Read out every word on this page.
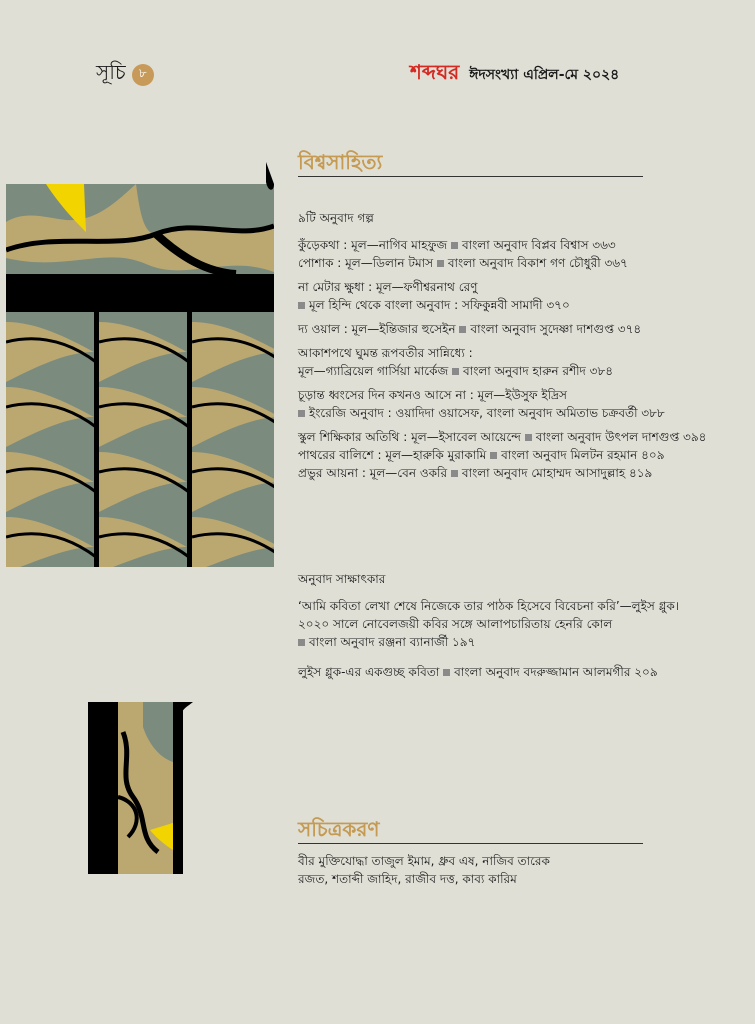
সূচি	৮	শব্দঘর ঈদসংখ্যা এপ্রিল-মে ২০২৪
বিশ্বসাহিত্য
৯টি অনুবাদ গল্প
কুঁড়েকথা : মূল—নাগিব মাহফুজ বাংলা অনুবাদ বিপ্লব বিশ্বাস ৩৬৩
পোশাক : মূল—ডিলান টমাস বাংলা অনুবাদ বিকাশ গণ চৌধুরী ৩৬৭
না মেটার ক্ষুধা : মূল—ফণীশ্বরনাথ রেণু
মূল হিন্দি থেকে বাংলা অনুবাদ : সফিকুন্নবী সামাদী ৩৭০
দ্য ওয়াল : মূল—ইন্তিজার হুসেইন বাংলা অনুবাদ সুদেষ্ণা দাশগুপ্ত ৩৭৪
আকাশপথে ঘুমন্ত রূপবতীর সান্নিধ্যে :
মূল—গ্যাব্রিয়েল গার্সিয়া মার্কেজ বাংলা অনুবাদ হারুন রশীদ ৩৮৪
চূড়ান্ত ধ্বংসের দিন কখনও আসে না : মূল—ইউসুফ ইদ্রিস
ইংরেজি অনুবাদ : ওয়াদিদা ওয়াসেফ, বাংলা অনুবাদ অমিতাভ চক্রবর্তী ৩৮৮
স্কুল শিক্ষিকার অতিথি : মূল—ইসাবেল আয়েন্দে বাংলা অনুবাদ উৎপল দাশগুপ্ত ৩৯৪
পাথরের বালিশে : মূল—হারুকি মুরাকামি বাংলা অনুবাদ মিলটন রহমান ৪০৯
প্রভুর আয়না : মূল—বেন ওকরি বাংলা অনুবাদ মোহাম্মদ আসাদুল্লাহ ৪১৯
অনুবাদ সাক্ষাৎকার
‘আমি কবিতা লেখা শেষে নিজেকে তার পাঠক হিসেবে বিবেচনা করি’—লুইস গ্লুক।
২০২০ সালে নোবেলজয়ী কবির সঙ্গে আলাপচারিতায় হেনরি কোল
বাংলা অনুবাদ রঞ্জনা ব্যানার্জী ১৯৭
লুইস গ্লুক-এর একগুচ্ছ কবিতা বাংলা অনুবাদ বদরুজ্জামান আলমগীর ২০৯
সচিত্রকরণ
বীর মুক্তিযোদ্ধা তাজুল ইমাম, ধ্রুব এষ, নাজিব তারেক
রজত, শতাব্দী জাহিদ, রাজীব দত্ত, কাব্য কারিম
